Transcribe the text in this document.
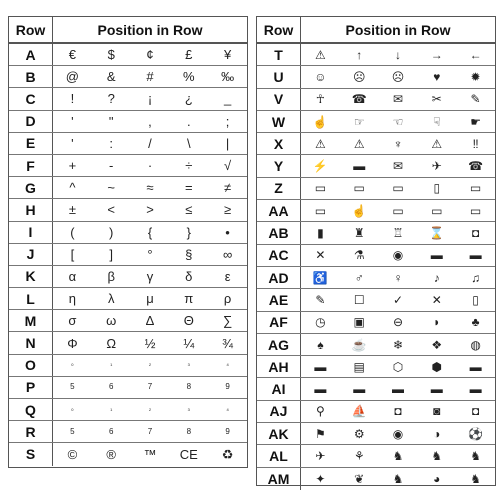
Row	Position in Row
A	€	$	¢	£	¥
B	@	&	#	%	‰
C	!	?	¡	¿	_
D	'	"	,	.	;
E	'	:	/	\	|
F	+	-	·	÷	√
G	^	~	≈	=	≠
H	±	<	>	≤	≥
I	(	)	{	}	•
J	[	]	°	§	∞
K	α	β	γ	δ	ε
L	η	λ	μ	π	ρ
M	σ	ω	Δ	Θ	∑
N	Φ	Ω	½	¼	¾
O	0	1	2	3	4
P	5	6	7	8	9
Q	0	1	2	3	4
R	5	6	7	8	9
S	©	®	™	CE	♻
Row	Position in Row
T	⚠	↑	↓	→	←
U	☺	☹	☹	♥	✹
V	☥	☎	✉	✂	✎
W	☝	☞	☜	☟	☛
X	⚠	⚠	♆	⚠	‼
Y	⚡	▬	✉	✈	☎
Z	▭	▭	▭	▯	▭
AA	▭	☝	▭	▭	▭
AB	▮	♜	♖	⌛	◘
AC	✕	⚗	◉	▬	▬
AD	♿	♂	♀	♪	♫
AE	✎	☐	✓	✕	▯
AF	◷	▣	⊖	◗	♣
AG	♠	☕	❄	❖	◍
AH	▬	▤	⬡	⬢	▬
AI	▬	▬	▬	▬	▬
AJ	⚲	⛵	◘	◙	◘
AK	⚑	⚙	◉	◑	⚽
AL	✈	⚘	♞	♞	♞
AM	✦	❦	♞	◕	♞
